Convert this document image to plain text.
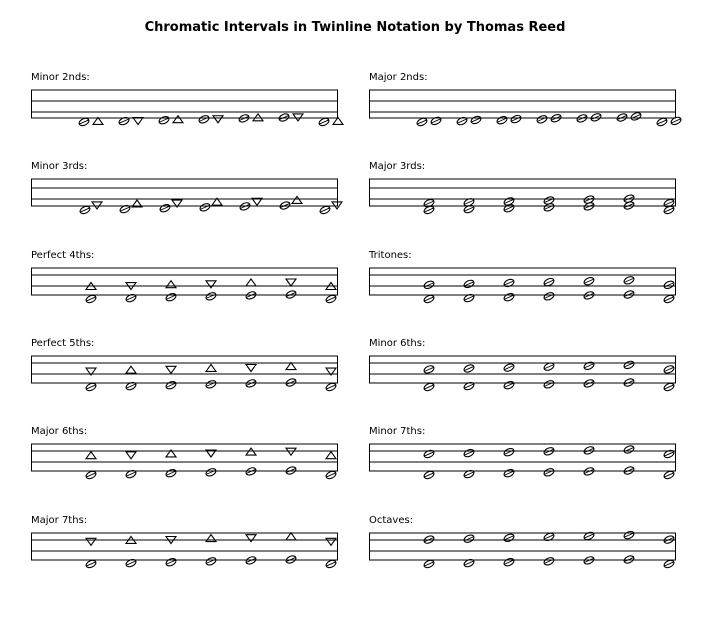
Chromatic Intervals in Twinline Notation by Thomas Reed
Minor 2nds:	Major 2nds:
Minor 3rds:	Major 3rds:
Perfect 4ths:	Tritones:
Perfect 5ths:	Minor 6ths:
Major 6ths:	Minor 7ths:
Major 7ths:	Octaves:
